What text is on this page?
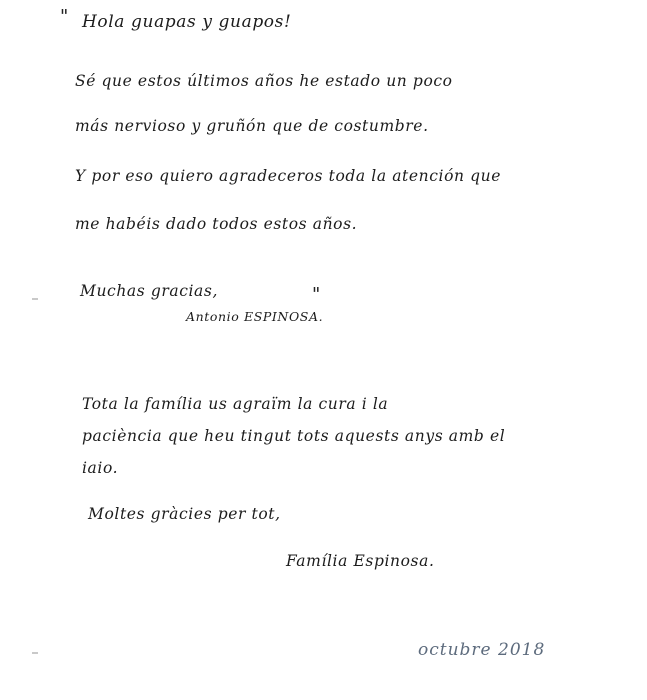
" Hola guapas y guapos!
Sé que estos últimos años he estado un poco
más nervioso y gruñón que de costumbre.
Y por eso quiero agradeceros toda la atención que
me habéis dado todos estos años.
Muchas gracias,
Antonio ESPINOSA.
"
Tota la família us agraïm la cura i la
paciència que heu tingut tots aquests anys amb el
iaio.
Moltes gràcies per tot,
Família Espinosa.
octubre 2018
